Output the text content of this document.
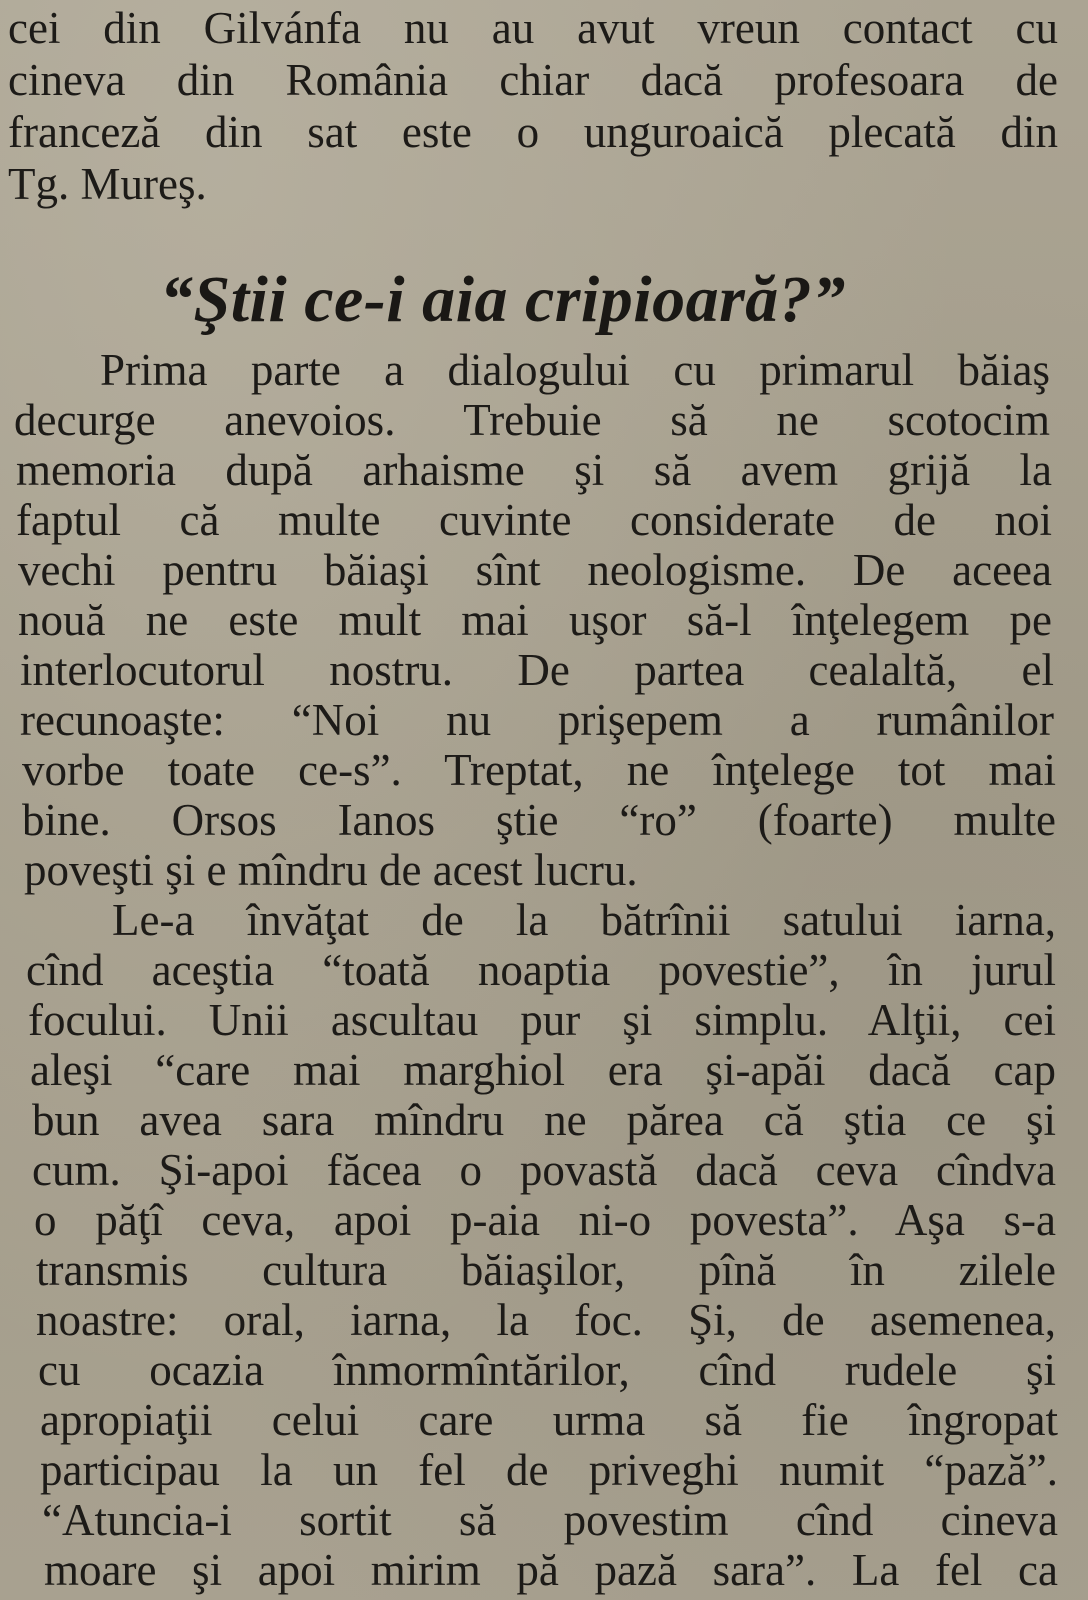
cei din Gilvánfa nu au avut vreun contact cu
cineva din România chiar dacă profesoara de
franceză din sat este o unguroaică plecată din
Tg. Mureş.
“Ştii ce-i aia cripioară?”
Prima parte a dialogului cu primarul băiaş
decurge anevoios. Trebuie să ne scotocim
memoria după arhaisme şi să avem grijă la
faptul că multe cuvinte considerate de noi
vechi pentru băiaşi sînt neologisme. De aceea
nouă ne este mult mai uşor să-l înţelegem pe
interlocutorul nostru. De partea cealaltă, el
recunoaşte: “Noi nu prişepem a rumânilor
vorbe toate ce-s”. Treptat, ne înţelege tot mai
bine. Orsos Ianos ştie “ro” (foarte) multe
poveşti şi e mîndru de acest lucru.
Le-a învăţat de la bătrînii satului iarna,
cînd aceştia “toată noaptia povestie”, în jurul
focului. Unii ascultau pur şi simplu. Alţii, cei
aleşi “care mai marghiol era şi-apăi dacă cap
bun avea sara mîndru ne părea că ştia ce şi
cum. Şi-apoi făcea o povastă dacă ceva cîndva
o păţî ceva, apoi p-aia ni-o povesta”. Aşa s-a
transmis cultura băiaşilor, pînă în zilele
noastre: oral, iarna, la foc. Şi, de asemenea,
cu ocazia înmormîntărilor, cînd rudele şi
apropiaţii celui care urma să fie îngropat
participau la un fel de priveghi numit “pază”.
“Atuncia-i sortit să povestim cînd cineva
moare şi apoi mirim pă pază sara”. La fel ca
